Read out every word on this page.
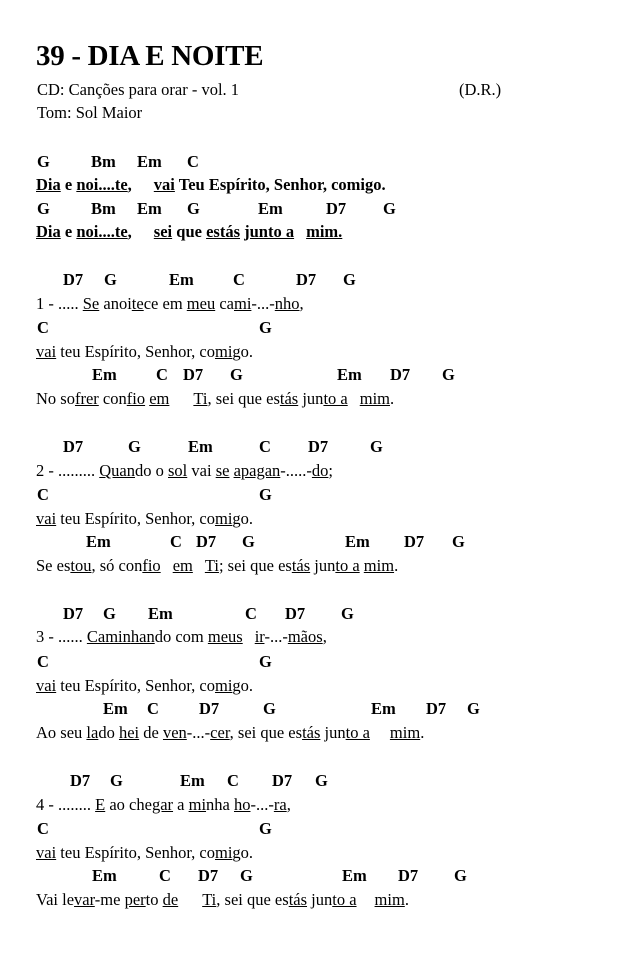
39 - DIA E NOITE
CD: Canções para orar - vol. 1	(D.R.)
Tom: Sol Maior
G Bm Em C
Dia e noi....te, vai Teu Espírito, Senhor, comigo.
G Bm Em G	Em	D7 G
Dia e noi....te, sei que estás junto a mim.
D7 G	Em C	D7 G
1 - ..... Se anoitece em meu cami-...-nho,
C	G
vai teu Espírito, Senhor, comigo.
Em C D7 G	Em D7 G
No sofrer confio em Ti, sei que estás junto a mim.
D7	G	Em	C D7	G
2 - ......... Quando o sol vai se apagan-.....-do;
C	G
vai teu Espírito, Senhor, comigo.
Em	C D7 G	Em D7 G
Se estou, só confio em Ti; sei que estás junto a mim.
D7 G Em	C D7 G
3 - ...... Caminhando com meus ir-...-mãos,
C	G
vai teu Espírito, Senhor, comigo.
Em C D7	G	Em D7 G
Ao seu lado hei de ven-...-cer, sei que estás junto a mim.
D7 G	Em C D7 G
4 - ........ E ao chegar a minha ho-...-ra,
C	G
vai teu Espírito, Senhor, comigo.
Em	C D7 G	Em D7 G
Vai levar-me perto de Ti, sei que estás junto a mim.
